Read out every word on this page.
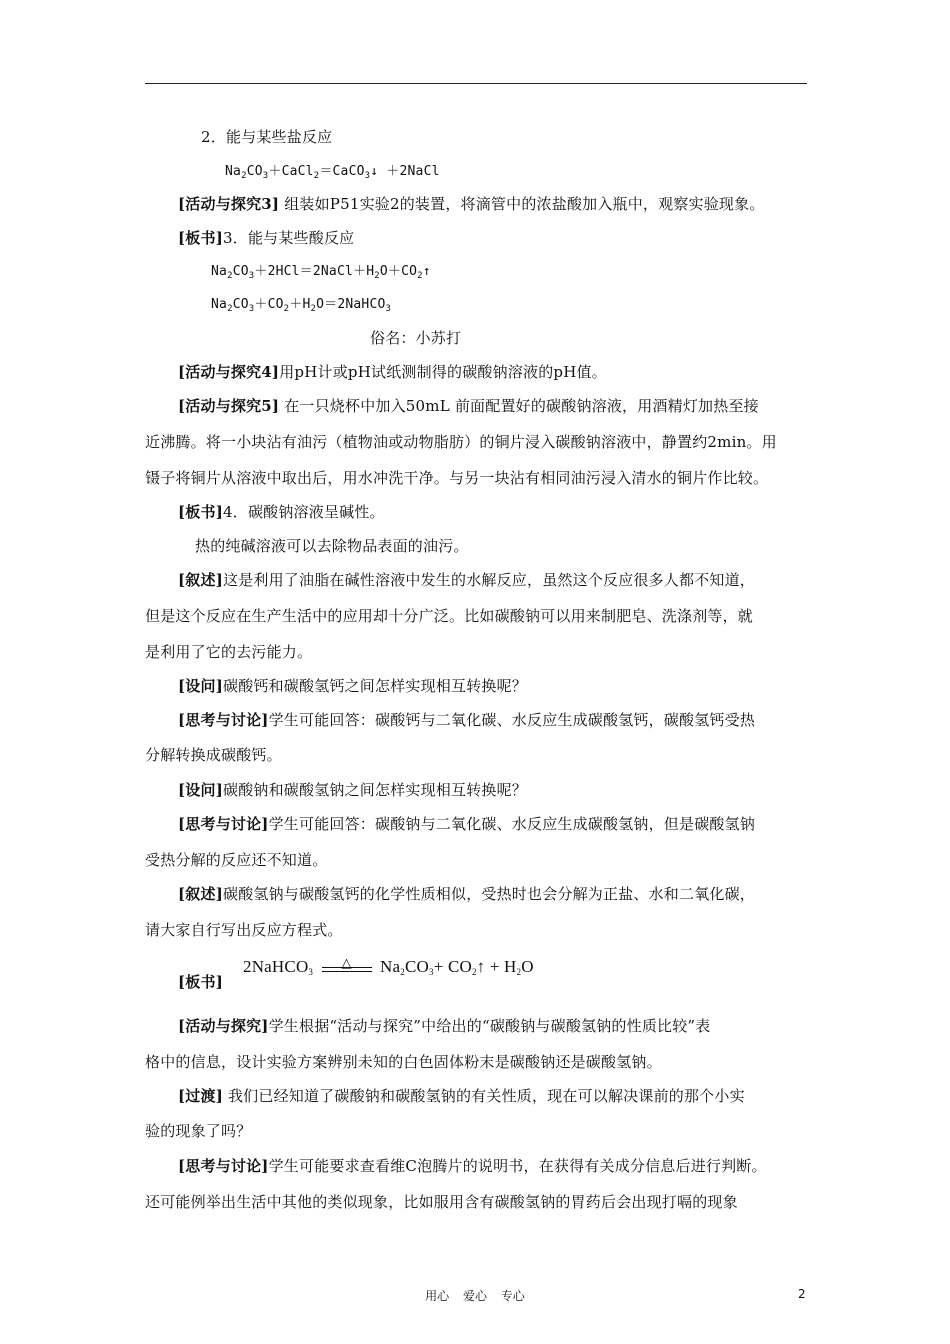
2．能与某些盐反应
$Na_2CO_3+CaCl_2=CaCO_3↓$ ＋2NaCl
[活动与探究3] 组装如P51实验2的装置，将滴管中的浓盐酸加入瓶中，观察实验现象。
[板书]3．能与某些酸反应
$Na_2CO_3+2HCl=2NaCl+H_2O+CO_2↑$
$Na_2CO_3+CO_2+H_2O=2NaHCO_3$
俗名：小苏打
[活动与探究4]用pH计或pH试纸测制得的碳酸钠溶液的pH值。
[活动与探究5] 在一只烧杯中加入50mL 前面配置好的碳酸钠溶液，用酒精灯加热至接
近沸腾。将一小块沾有油污（植物油或动物脂肪）的铜片浸入碳酸钠溶液中，静置约2min。用
镊子将铜片从溶液中取出后，用水冲洗干净。与另一块沾有相同油污浸入清水的铜片作比较。
[板书]4．碳酸钠溶液呈碱性。
热的纯碱溶液可以去除物品表面的油污。
[叙述]这是利用了油脂在碱性溶液中发生的水解反应，虽然这个反应很多人都不知道，
但是这个反应在生产生活中的应用却十分广泛。比如碳酸钠可以用来制肥皂、洗涤剂等，就
是利用了它的去污能力。
[设问]碳酸钙和碳酸氢钙之间怎样实现相互转换呢？
[思考与讨论]学生可能回答：碳酸钙与二氧化碳、水反应生成碳酸氢钙，碳酸氢钙受热
分解转换成碳酸钙。
[设问]碳酸钠和碳酸氢钠之间怎样实现相互转换呢？
[思考与讨论]学生可能回答：碳酸钠与二氧化碳、水反应生成碳酸氢钠，但是碳酸氢钠
受热分解的反应还不知道。
[叙述]碳酸氢钠与碳酸氢钙的化学性质相似，受热时也会分解为正盐、水和二氧化碳，
请大家自行写出反应方程式。
[板书]
2NaHCO$_3$
△	$Na_2CO_3+$ $CO_2↑ + H_2O$
[活动与探究]学生根据“活动与探究”中给出的“碳酸钠与碳酸氢钠的性质比较”表
格中的信息，设计实验方案辨别未知的白色固体粉末是碳酸钠还是碳酸氢钠。
[过渡] 我们已经知道了碳酸钠和碳酸氢钠的有关性质，现在可以解决课前的那个小实
验的现象了吗？
[思考与讨论]学生可能要求查看维C泡腾片的说明书，在获得有关成分信息后进行判断。
还可能例举出生活中其他的类似现象，比如服用含有碳酸氢钠的胃药后会出现打嗝的现象
用心 爱心 专心	2
